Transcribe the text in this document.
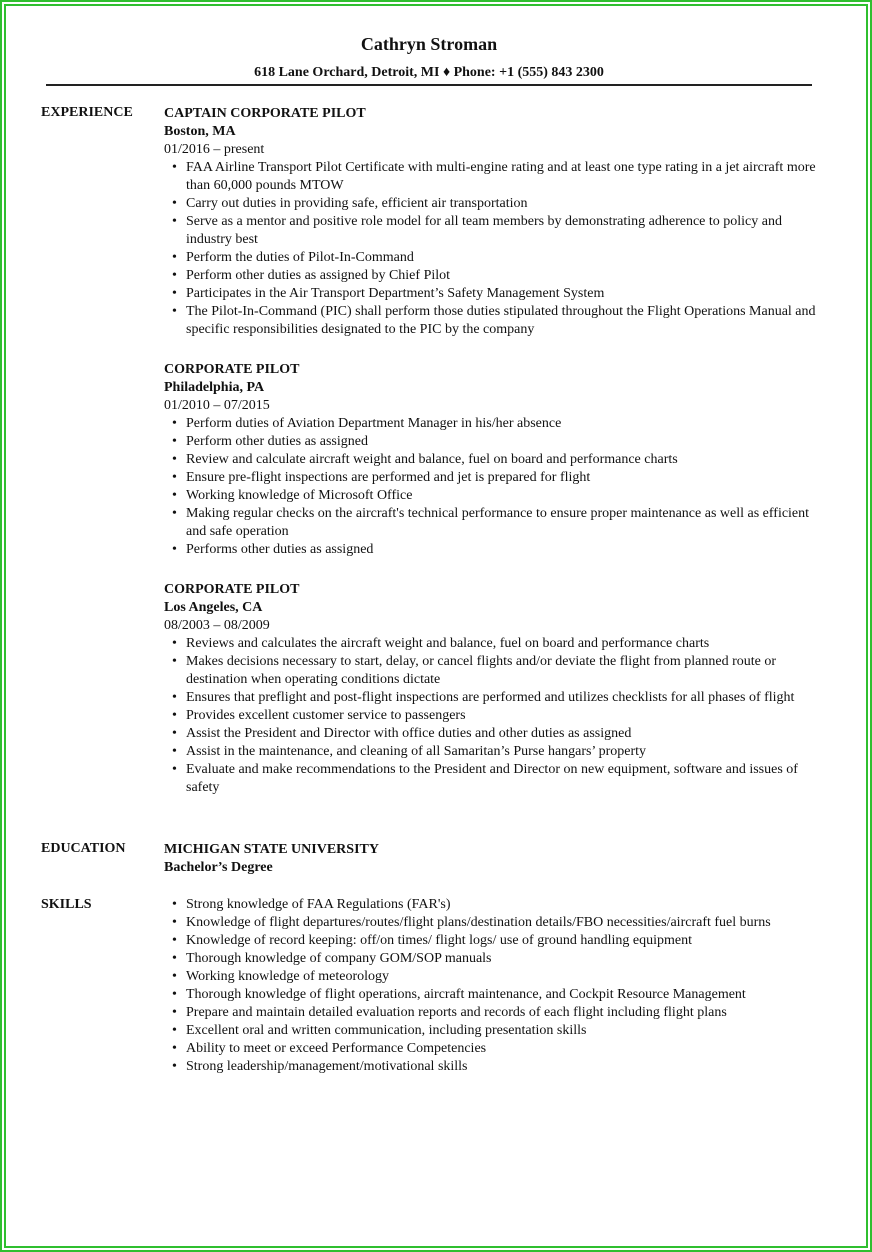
Cathryn Stroman
618 Lane Orchard, Detroit, MI ♦ Phone: +1 (555) 843 2300
EXPERIENCE CAPTAIN CORPORATE PILOT
Boston, MA
01/2016 – present
• FAA Airline Transport Pilot Certificate with multi-engine rating and at least one type rating in a jet aircraft more than 60,000 pounds MTOW
• Carry out duties in providing safe, efficient air transportation
• Serve as a mentor and positive role model for all team members by demonstrating adherence to policy and industry best
• Perform the duties of Pilot-In-Command
• Perform other duties as assigned by Chief Pilot
• Participates in the Air Transport Department’s Safety Management System
• The Pilot-In-Command (PIC) shall perform those duties stipulated throughout the Flight Operations Manual and specific responsibilities designated to the PIC by the company
CORPORATE PILOT
Philadelphia, PA
01/2010 – 07/2015
• Perform duties of Aviation Department Manager in his/her absence
• Perform other duties as assigned
• Review and calculate aircraft weight and balance, fuel on board and performance charts
• Ensure pre-flight inspections are performed and jet is prepared for flight
• Working knowledge of Microsoft Office
• Making regular checks on the aircraft's technical performance to ensure proper maintenance as well as efficient and safe operation
• Performs other duties as assigned
CORPORATE PILOT
Los Angeles, CA
08/2003 – 08/2009
• Reviews and calculates the aircraft weight and balance, fuel on board and performance charts
• Makes decisions necessary to start, delay, or cancel flights and/or deviate the flight from planned route or destination when operating conditions dictate
• Ensures that preflight and post-flight inspections are performed and utilizes checklists for all phases of flight
• Provides excellent customer service to passengers
• Assist the President and Director with office duties and other duties as assigned
• Assist in the maintenance, and cleaning of all Samaritan’s Purse hangars’ property
• Evaluate and make recommendations to the President and Director on new equipment, software and issues of safety
EDUCATION	MICHIGAN STATE UNIVERSITY
Bachelor’s Degree
SKILLS
•	Strong knowledge of FAA Regulations (FAR's)
• Knowledge of flight departures/routes/flight plans/destination details/FBO necessities/aircraft fuel burns
• Knowledge of record keeping: off/on times/ flight logs/ use of ground handling equipment
• Thorough knowledge of company GOM/SOP manuals
• Working knowledge of meteorology
• Thorough knowledge of flight operations, aircraft maintenance, and Cockpit Resource Management
• Prepare and maintain detailed evaluation reports and records of each flight including flight plans
• Excellent oral and written communication, including presentation skills
• Ability to meet or exceed Performance Competencies
• Strong leadership/management/motivational skills
